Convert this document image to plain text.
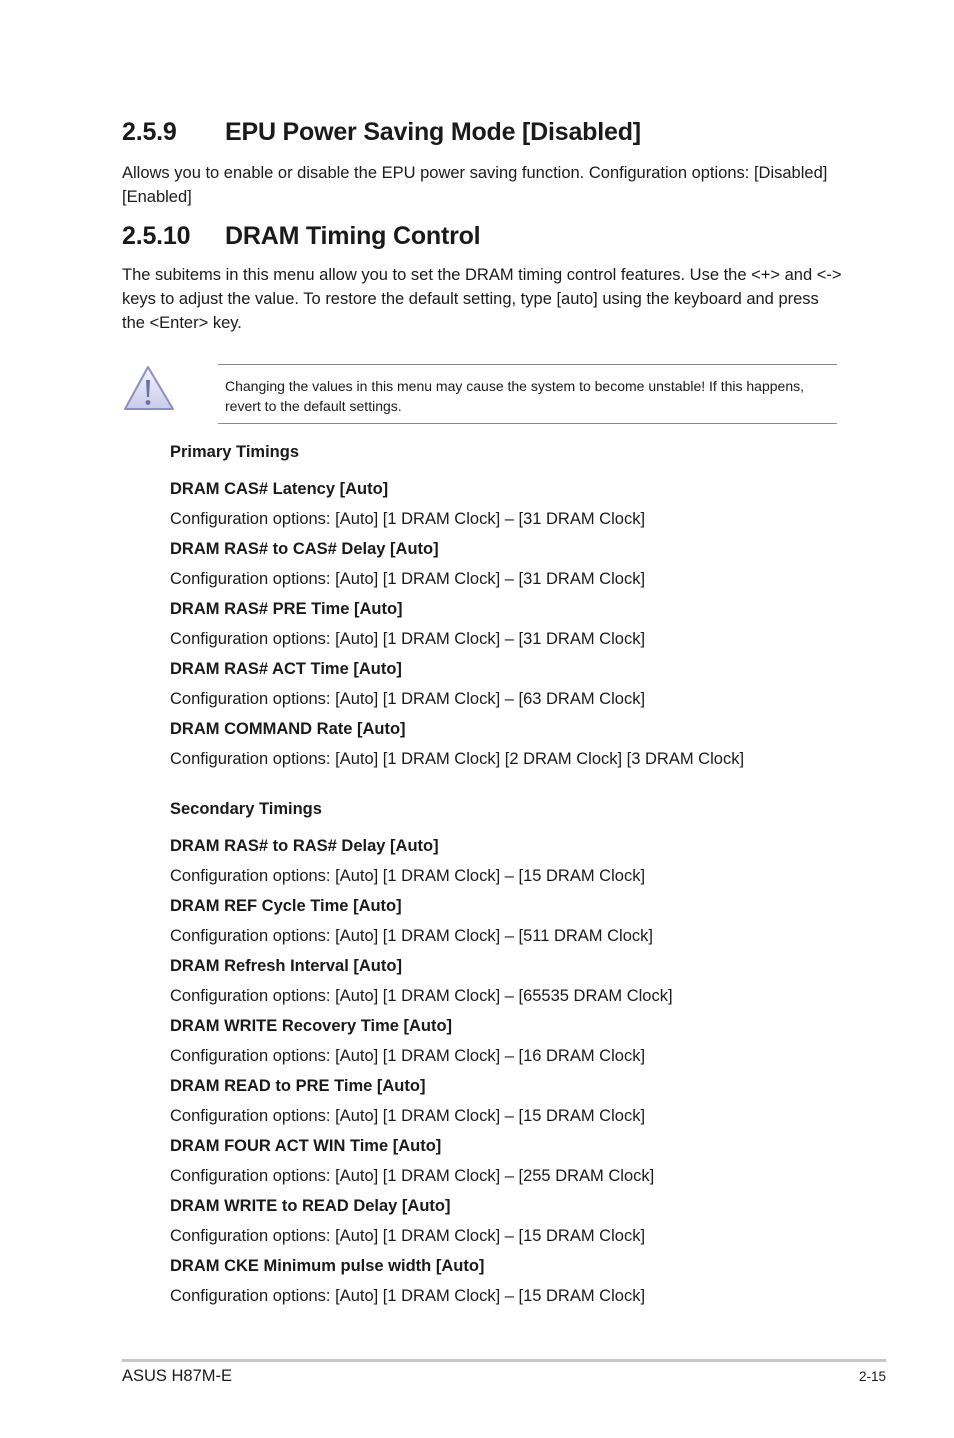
2.5.9 EPU Power Saving Mode [Disabled]

Allows you to enable or disable the EPU power saving function. Configuration options: [Disabled] [Enabled]

2.5.10 DRAM Timing Control

The subitems in this menu allow you to set the DRAM timing control features. Use the <+> and <-> keys to adjust the value. To restore the default setting, type [auto] using the keyboard and press the <Enter> key.

Changing the values in this menu may cause the system to become unstable! If this happens, revert to the default settings.

Primary Timings
DRAM CAS# Latency [Auto]
Configuration options: [Auto] [1 DRAM Clock] – [31 DRAM Clock]
DRAM RAS# to CAS# Delay [Auto]
Configuration options: [Auto] [1 DRAM Clock] – [31 DRAM Clock]
DRAM RAS# PRE Time [Auto]
Configuration options: [Auto] [1 DRAM Clock] – [31 DRAM Clock]
DRAM RAS# ACT Time [Auto]
Configuration options: [Auto] [1 DRAM Clock] – [63 DRAM Clock]
DRAM COMMAND Rate [Auto]
Configuration options: [Auto] [1 DRAM Clock] [2 DRAM Clock] [3 DRAM Clock]
Secondary Timings
DRAM RAS# to RAS# Delay [Auto]
Configuration options: [Auto] [1 DRAM Clock] – [15 DRAM Clock]
DRAM REF Cycle Time [Auto]
Configuration options: [Auto] [1 DRAM Clock] – [511 DRAM Clock]
DRAM Refresh Interval [Auto]
Configuration options: [Auto] [1 DRAM Clock] – [65535 DRAM Clock]
DRAM WRITE Recovery Time [Auto]
Configuration options: [Auto] [1 DRAM Clock] – [16 DRAM Clock]
DRAM READ to PRE Time [Auto]
Configuration options: [Auto] [1 DRAM Clock] – [15 DRAM Clock]
DRAM FOUR ACT WIN Time [Auto]
Configuration options: [Auto] [1 DRAM Clock] – [255 DRAM Clock]
DRAM WRITE to READ Delay [Auto]
Configuration options: [Auto] [1 DRAM Clock] – [15 DRAM Clock]
DRAM CKE Minimum pulse width [Auto]
Configuration options: [Auto] [1 DRAM Clock] – [15 DRAM Clock]
ASUS H87M-E	2-15
